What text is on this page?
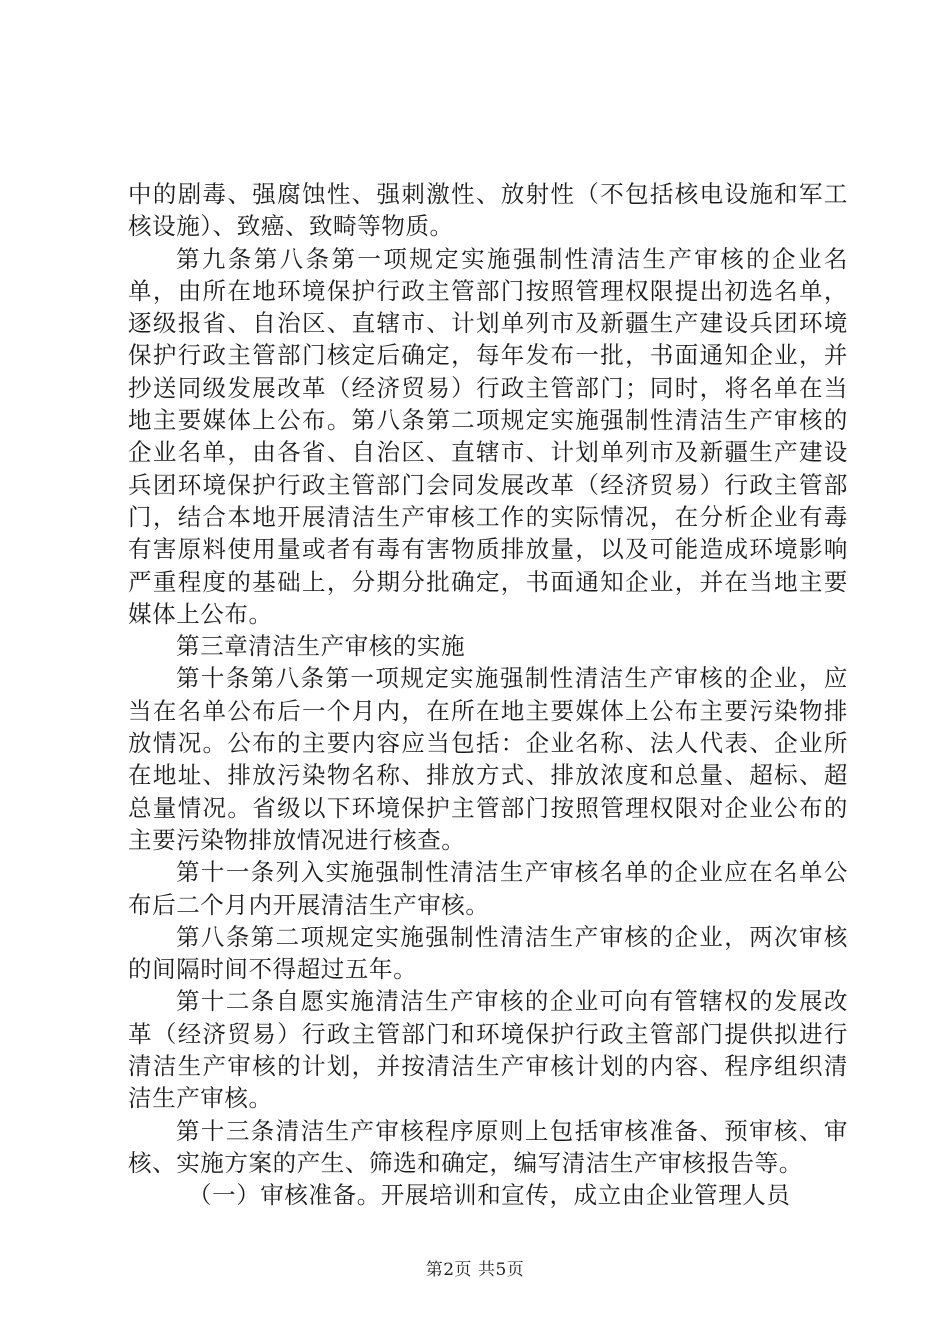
中的剧毒、强腐蚀性、强刺激性、放射性（不包括核电设施和军工核设施）、致癌、致畸等物质。

第九条第八条第一项规定实施强制性清洁生产审核的企业名单，由所在地环境保护行政主管部门按照管理权限提出初选名单，逐级报省、自治区、直辖市、计划单列市及新疆生产建设兵团环境保护行政主管部门核定后确定，每年发布一批，书面通知企业，并抄送同级发展改革（经济贸易）行政主管部门；同时，将名单在当地主要媒体上公布。第八条第二项规定实施强制性清洁生产审核的企业名单，由各省、自治区、直辖市、计划单列市及新疆生产建设兵团环境保护行政主管部门会同发展改革（经济贸易）行政主管部门，结合本地开展清洁生产审核工作的实际情况，在分析企业有毒有害原料使用量或者有毒有害物质排放量，以及可能造成环境影响严重程度的基础上，分期分批确定，书面通知企业，并在当地主要媒体上公布。

第三章清洁生产审核的实施

第十条第八条第一项规定实施强制性清洁生产审核的企业，应当在名单公布后一个月内，在所在地主要媒体上公布主要污染物排放情况。公布的主要内容应当包括：企业名称、法人代表、企业所在地址、排放污染物名称、排放方式、排放浓度和总量、超标、超总量情况。省级以下环境保护主管部门按照管理权限对企业公布的主要污染物排放情况进行核查。

第十一条列入实施强制性清洁生产审核名单的企业应在名单公布后二个月内开展清洁生产审核。

第八条第二项规定实施强制性清洁生产审核的企业，两次审核的间隔时间不得超过五年。

第十二条自愿实施清洁生产审核的企业可向有管辖权的发展改革（经济贸易）行政主管部门和环境保护行政主管部门提供拟进行清洁生产审核的计划，并按清洁生产审核计划的内容、程序组织清洁生产审核。

第十三条清洁生产审核程序原则上包括审核准备、预审核、审核、实施方案的产生、筛选和确定，编写清洁生产审核报告等。

（一）审核准备。开展培训和宣传，成立由企业管理人员

第2页 共5页
